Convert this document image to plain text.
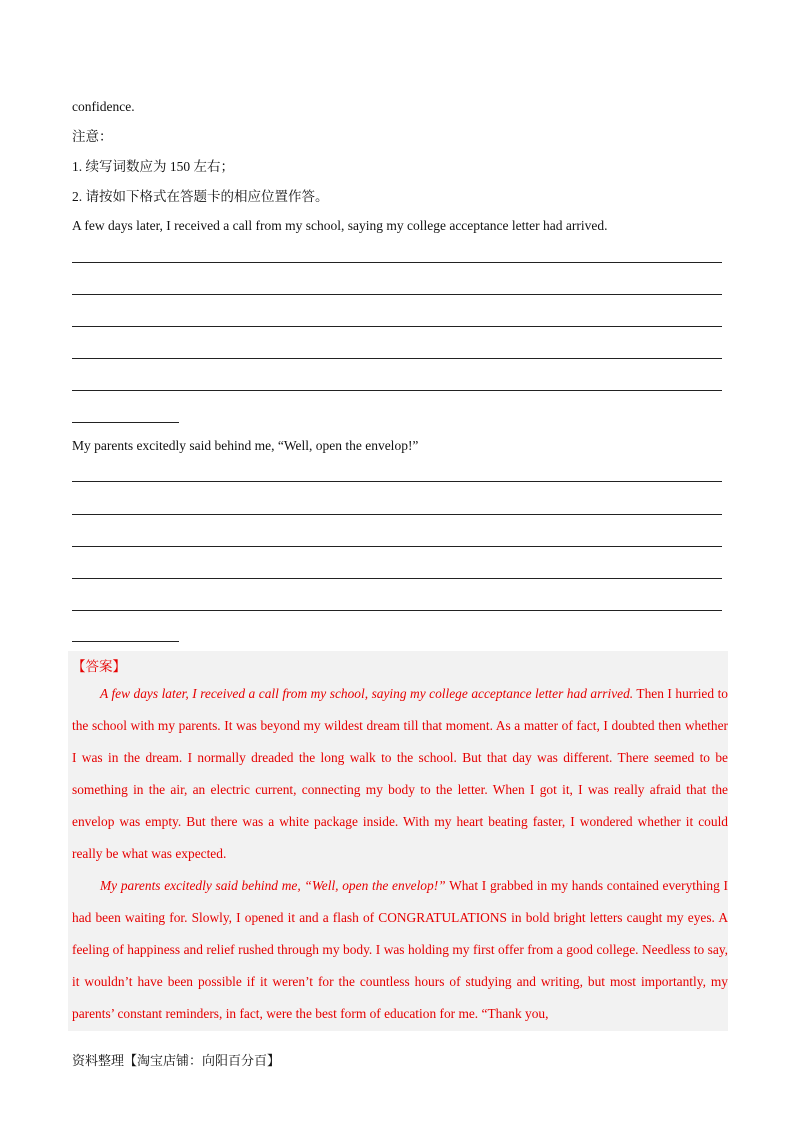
confidence.
注意：
1. 续写词数应为 150 左右；
2. 请按如下格式在答题卡的相应位置作答。
A few days later, I received a call from my school, saying my college acceptance letter had arrived.
My parents excitedly said behind me, “Well, open the envelop!”
【答案】

A few days later, I received a call from my school, saying my college acceptance letter had arrived. Then I hurried to the school with my parents. It was beyond my wildest dream till that moment. As a matter of fact, I doubted then whether I was in the dream. I normally dreaded the long walk to the school. But that day was different. There seemed to be something in the air, an electric current, connecting my body to the letter. When I got it, I was really afraid that the envelop was empty. But there was a white package inside. With my heart beating faster, I wondered whether it could really be what was expected.

My parents excitedly said behind me, “Well, open the envelop!” What I grabbed in my hands contained everything I had been waiting for. Slowly, I opened it and a flash of CONGRATULATIONS in bold bright letters caught my eyes. A feeling of happiness and relief rushed through my body. I was holding my first offer from a good college. Needless to say, it wouldn’t have been possible if it weren’t for the countless hours of studying and writing, but most importantly, my parents’ constant reminders, in fact, were the best form of education for me. “Thank you,

资料整理【淘宝店铺：向阳百分百】
